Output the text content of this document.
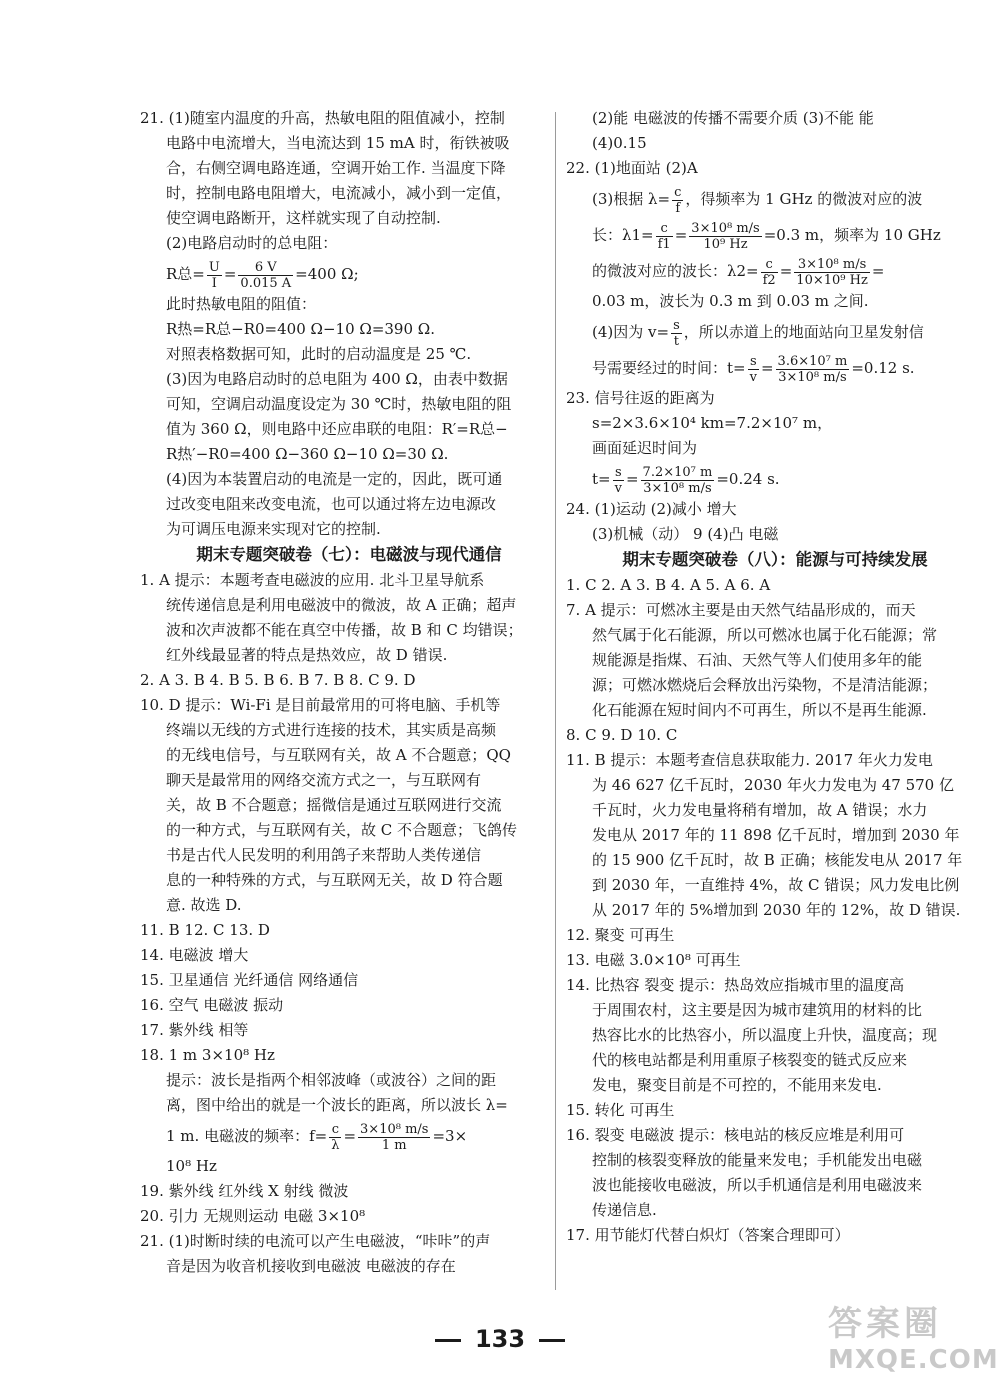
21. (1)随室内温度的升高，热敏电阻的阻值减小，控制
电路中电流增大，当电流达到 15 mA 时，衔铁被吸
合，右侧空调电路连通，空调开始工作. 当温度下降
时，控制电路电阻增大，电流减小，减小到一定值，
使空调电路断开，这样就实现了自动控制.
(2)电路启动时的总电阻：
R总= $\frac{U}{I} = \frac{6 V}{0.015 A} =400$ Ω;
此时热敏电阻的阻值：
R热=R总−R0=400 Ω−10 Ω=390 Ω.
对照表格数据可知，此时的启动温度是 25 ℃.
(3)因为电路启动时的总电阻为 400 Ω，由表中数据
可知，空调启动温度设定为 30 ℃时，热敏电阻的阻
值为 360 Ω，则电路中还应串联的电阻：R′=R总−
R热′−R0=400 Ω−360 Ω−10 Ω=30 Ω.
(4)因为本装置启动的电流是一定的，因此，既可通
过改变电阻来改变电流，也可以通过将左边电源改
为可调压电源来实现对它的控制.
期末专题突破卷（七）：电磁波与现代通信
1. A 提示：本题考查电磁波的应用. 北斗卫星导航系
统传递信息是利用电磁波中的微波，故 A 正确；超声
波和次声波都不能在真空中传播，故 B 和 C 均错误；
红外线最显著的特点是热效应，故 D 错误.
2. A 3. B 4. B 5. B 6. B 7. B 8. C 9. D
10. D 提示：Wi-Fi 是目前最常用的可将电脑、手机等
终端以无线的方式进行连接的技术，其实质是高频
的无线电信号，与互联网有关，故 A 不合题意；QQ
聊天是最常用的网络交流方式之一，与互联网有
关，故 B 不合题意；摇微信是通过互联网进行交流
的一种方式，与互联网有关，故 C 不合题意；飞鸽传
书是古代人民发明的利用鸽子来帮助人类传递信
息的一种特殊的方式，与互联网无关，故 D 符合题
意. 故选 D.
11. B 12. C 13. D
14. 电磁波 增大
15. 卫星通信 光纤通信 网络通信
16. 空气 电磁波 振动
17. 紫外线 相等
18. 1 m 3×10⁸ Hz
提示：波长是指两个相邻波峰（或波谷）之间的距
离，图中给出的就是一个波长的距离，所以波长 λ=
1 m. 电磁波的频率：$f= \frac{c}{\lambda} = \frac{\text{3×10⁸ m/s}}{1 m} =3\times$
10⁸ Hz
19. 紫外线 红外线 X 射线 微波
20. 引力 无规则运动 电磁 3×10⁸
21. (1)时断时续的电流可以产生电磁波，“咔咔”的声
音是因为收音机接收到电磁波 电磁波的存在
(2)能 电磁波的传播不需要介质 (3)不能 能
(4)0.15
22. (1)地面站 (2)A
(3)根据 $\lambda= \frac{c}{f}$ ，得频率为 1 GHz 的微波对应的波
长：$\lambda 1= \frac{c}{f1} = \frac{\text{3×10⁸ m/s}}{\text{10⁹ Hz}} =0.3$ m，频率为 10 GHz
的微波对应的波长：$\lambda 2= \frac{c}{f2} = \frac{\text{3×10⁸ m/s}}{\text{10×10⁹ Hz}}$ =
0.03 m，波长为 0.3 m 到 0.03 m 之间.
(4)因为 $v= \frac{s}{t}$ ，所以赤道上的地面站向卫星发射信
号需要经过的时间：$t= \frac{s}{v} = \frac{\text{3.6×10⁷ m}}{\text{3×10⁸ m/s}} =0.12$ s.
23. 信号往返的距离为
s=2×3.6×10⁴ km=7.2×10⁷ m，
画面延迟时间为
$t= \frac{s}{v} = \frac{\text{7.2×10⁷ m}}{\text{3×10⁸ m/s}} =0.24$ s.
24. (1)运动 (2)减小 增大
(3)机械（动） 9 (4)凸 电磁
期末专题突破卷（八）：能源与可持续发展
1. C 2. A 3. B 4. A 5. A 6. A
7. A 提示：可燃冰主要是由天然气结晶形成的，而天
然气属于化石能源，所以可燃冰也属于化石能源；常
规能源是指煤、石油、天然气等人们使用多年的能
源；可燃冰燃烧后会释放出污染物，不是清洁能源；
化石能源在短时间内不可再生，所以不是再生能源.
8. C 9. D 10. C
11. B 提示：本题考查信息获取能力. 2017 年火力发电
为 46 627 亿千瓦时，2030 年火力发电为 47 570 亿
千瓦时，火力发电量将稍有增加，故 A 错误；水力
发电从 2017 年的 11 898 亿千瓦时，增加到 2030 年
的 15 900 亿千瓦时，故 B 正确；核能发电从 2017 年
到 2030 年，一直维持 4%，故 C 错误；风力发电比例
从 2017 年的 5%增加到 2030 年的 12%，故 D 错误.
12. 聚变 可再生
13. 电磁 3.0×10⁸ 可再生
14. 比热容 裂变 提示：热岛效应指城市里的温度高
于周围农村，这主要是因为城市建筑用的材料的比
热容比水的比热容小，所以温度上升快，温度高；现
代的核电站都是利用重原子核裂变的链式反应来
发电，聚变目前是不可控的，不能用来发电.
15. 转化 可再生
16. 裂变 电磁波 提示：核电站的核反应堆是利用可
控制的核裂变释放的能量来发电；手机能发出电磁
波也能接收电磁波，所以手机通信是利用电磁波来
传递信息.
17. 用节能灯代替白炽灯（答案合理即可）
133	答案圈
MXQE.COM
